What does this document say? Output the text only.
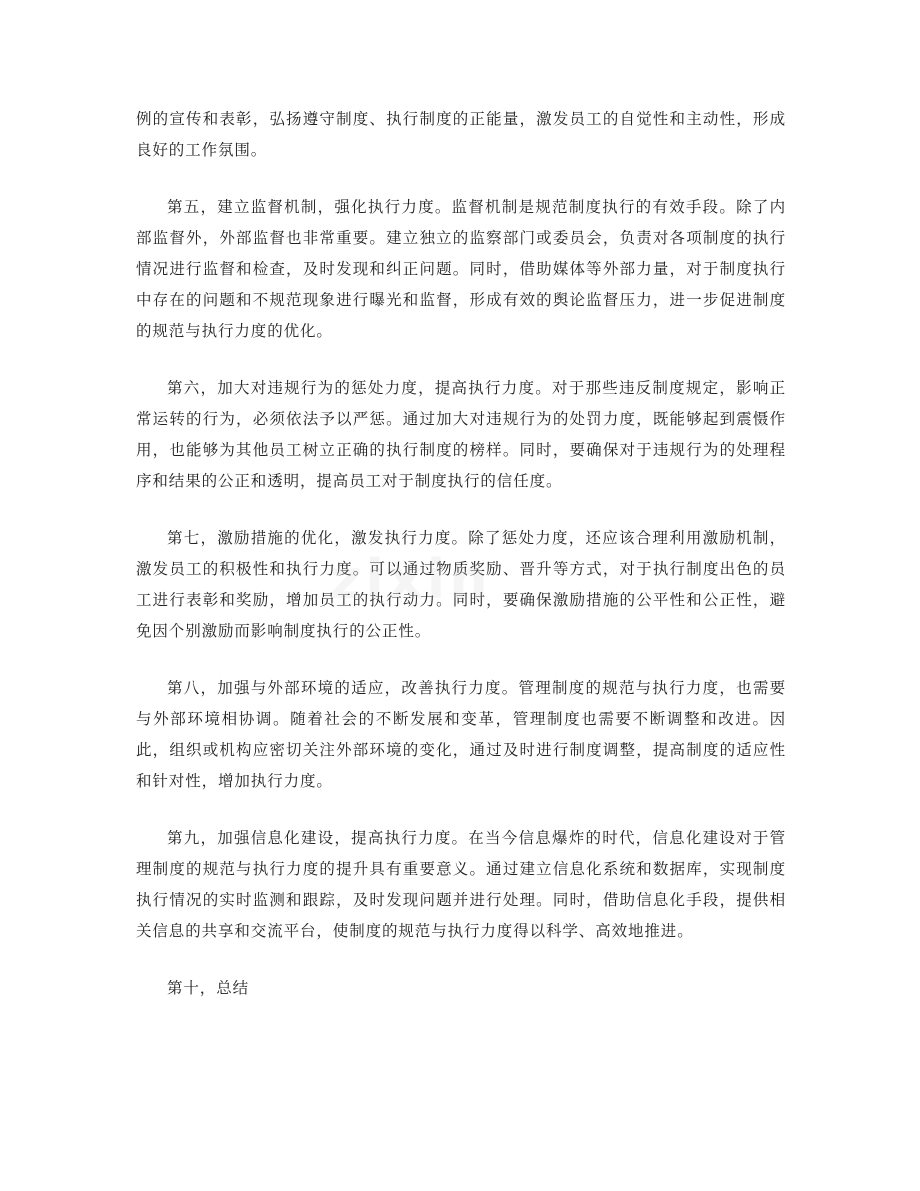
例的宣传和表彰，弘扬遵守制度、执行制度的正能量，激发员工的自觉性和主动性，形成良好的工作氛围。

第五，建立监督机制，强化执行力度。监督机制是规范制度执行的有效手段。除了内部监督外，外部监督也非常重要。建立独立的监察部门或委员会，负责对各项制度的执行情况进行监督和检查，及时发现和纠正问题。同时，借助媒体等外部力量，对于制度执行中存在的问题和不规范现象进行曝光和监督，形成有效的舆论监督压力，进一步促进制度的规范与执行力度的优化。

第六，加大对违规行为的惩处力度，提高执行力度。对于那些违反制度规定，影响正常运转的行为，必须依法予以严惩。通过加大对违规行为的处罚力度，既能够起到震慑作用，也能够为其他员工树立正确的执行制度的榜样。同时，要确保对于违规行为的处理程序和结果的公正和透明，提高员工对于制度执行的信任度。

第七，激励措施的优化，激发执行力度。除了惩处力度，还应该合理利用激励机制，激发员工的积极性和执行力度。可以通过物质奖励、晋升等方式，对于执行制度出色的员工进行表彰和奖励，增加员工的执行动力。同时，要确保激励措施的公平性和公正性，避免因个别激励而影响制度执行的公正性。

第八，加强与外部环境的适应，改善执行力度。管理制度的规范与执行力度，也需要与外部环境相协调。随着社会的不断发展和变革，管理制度也需要不断调整和改进。因此，组织或机构应密切关注外部环境的变化，通过及时进行制度调整，提高制度的适应性和针对性，增加执行力度。

第九，加强信息化建设，提高执行力度。在当今信息爆炸的时代，信息化建设对于管理制度的规范与执行力度的提升具有重要意义。通过建立信息化系统和数据库，实现制度执行情况的实时监测和跟踪，及时发现问题并进行处理。同时，借助信息化手段，提供相关信息的共享和交流平台，使制度的规范与执行力度得以科学、高效地推进。

第十，总结

zixin
